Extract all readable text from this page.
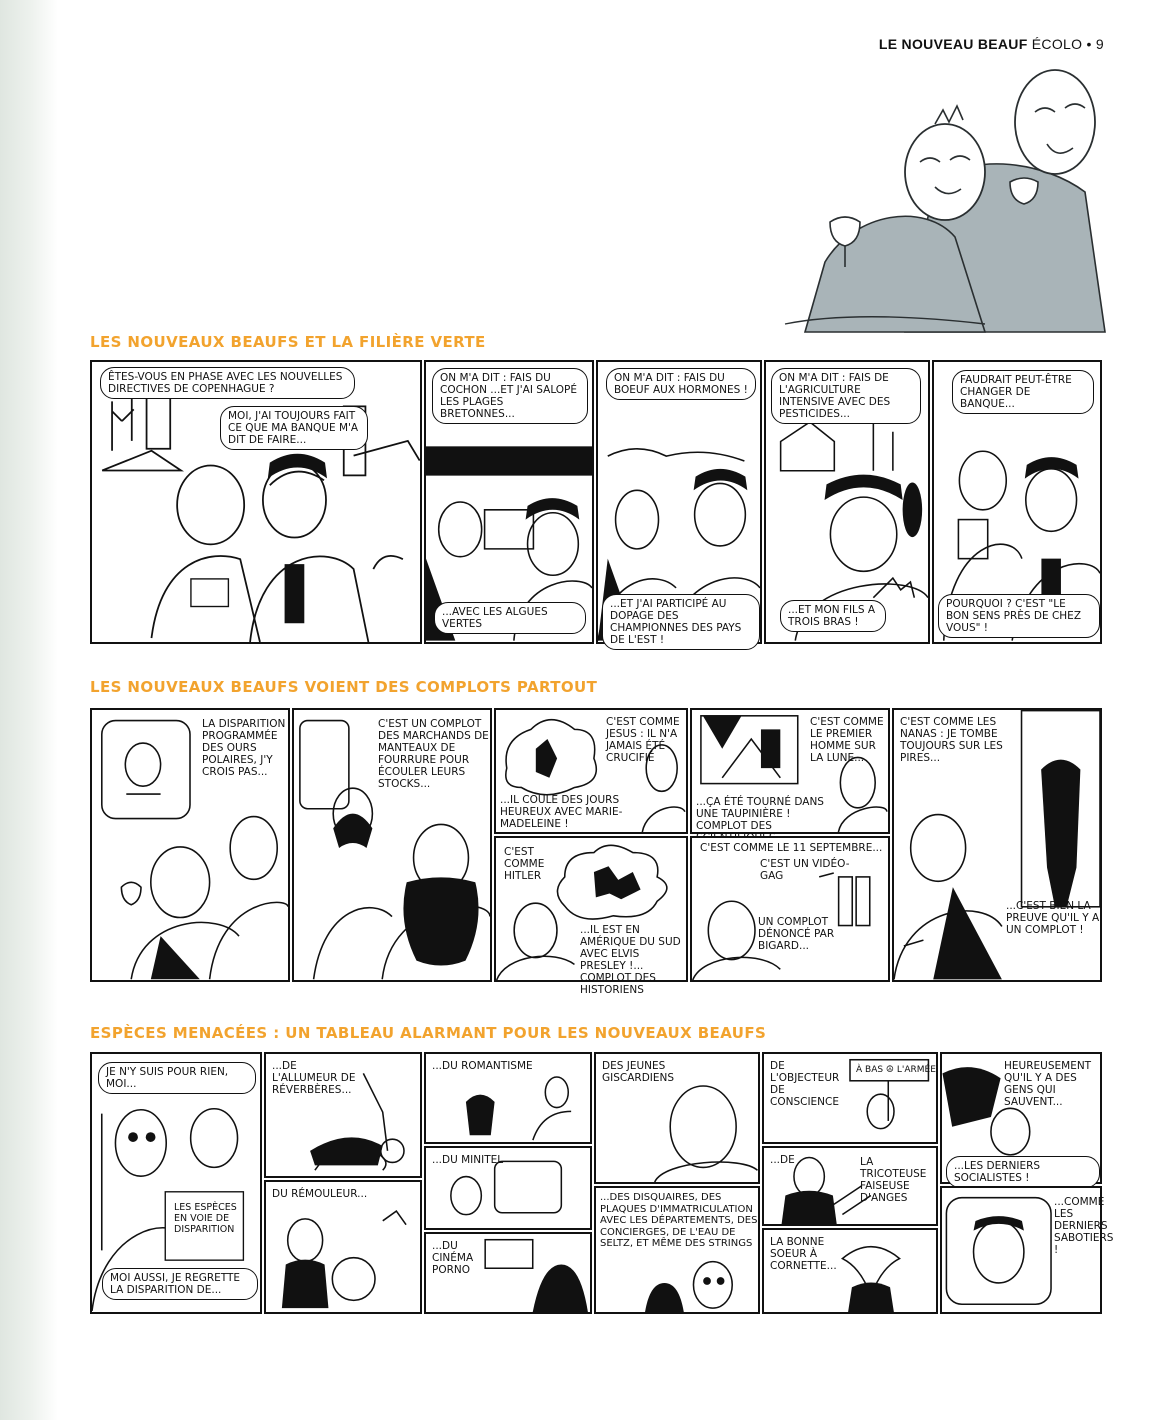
LE NOUVEAU BEAUF ÉCOLO • 9
LES NOUVEAUX BEAUFS ET LA FILIÈRE VERTE
ÊTES-VOUS EN PHASE AVEC LES NOUVELLES DIRECTIVES DE COPENHAGUE ?
MOI, J'AI TOUJOURS FAIT CE QUE MA BANQUE M'A DIT DE FAIRE...
ON M'A DIT : FAIS DU COCHON ...ET J'AI SALOPÉ LES PLAGES BRETONNES...
...AVEC LES ALGUES VERTES
ON M'A DIT : FAIS DU BOEUF AUX HORMONES !
...ET J'AI PARTICIPÉ AU DOPAGE DES CHAMPIONNES DES PAYS DE L'EST !
ON M'A DIT : FAIS DE L'AGRICULTURE INTENSIVE AVEC DES PESTICIDES...
...ET MON FILS A TROIS BRAS !
FAUDRAIT PEUT-ÊTRE CHANGER DE BANQUE...
POURQUOI ? C'EST "LE BON SENS PRÈS DE CHEZ VOUS" !
LES NOUVEAUX BEAUFS VOIENT DES COMPLOTS PARTOUT
LA DISPARITION PROGRAMMÉE DES OURS POLAIRES, J'Y CROIS PAS...
C'EST UN COMPLOT DES MARCHANDS DE MANTEAUX DE FOURRURE POUR ÉCOULER LEURS STOCKS...
C'EST COMME JESUS : IL N'A JAMAIS ÉTÉ CRUCIFIÉ
...IL COULE DES JOURS HEUREUX AVEC MARIE-MADELEINE !
C'EST COMME LE PREMIER HOMME SUR LA LUNE...
...ÇA ÉTÉ TOURNÉ DANS UNE TAUPINIÈRE ! COMPLOT DES
C'EST COMME LES NANAS : JE TOMBE TOUJOURS SUR LES PIRES...
C'EST COMME HITLER
...IL EST EN AMÉRIQUE DU SUD AVEC ELVIS PRESLEY !... COMPLOT DES HISTORIENS
C'EST COMME LE 11 SEPTEMBRE...
C'EST UN VIDÉO-GAG
UN COMPLOT DÉNONCÉ PAR BIGARD...
...C'EST BIEN LA PREUVE QU'IL Y A UN COMPLOT !
ESPÈCES MENACÉES : UN TABLEAU ALARMANT POUR LES NOUVEAUX BEAUFS
JE N'Y SUIS POUR RIEN, MOI...
LES ESPÈCES EN VOIE DE DISPARITION
MOI AUSSI, JE REGRETTE LA DISPARITION DE...
...DE L'ALLUMEUR DE RÉVERBÈRES...
DU RÉMOULEUR...
...DU ROMANTISME
...DU MINITEL
...DU CINÉMA PORNO
DES JEUNES GISCARDIENS
...DES DISQUAIRES, DES PLAQUES D'IMMATRICULATION AVEC LES DÉPARTEMENTS, DES CONCIERGES, DE L'EAU DE SELTZ, ET MÊME DES STRINGS
DE L'OBJECTEUR DE CONSCIENCE
À BAS ☮ L'ARMÉE
...DE	LA TRICOTEUSE FAISEUSE D'ANGES
LA BONNE SOEUR À CORNETTE...
HEUREUSEMENT QU'IL Y A DES GENS QUI SAUVENT...
...LES DERNIERS SOCIALISTES !
...COMME LES DERNIERS SABOTIERS !
